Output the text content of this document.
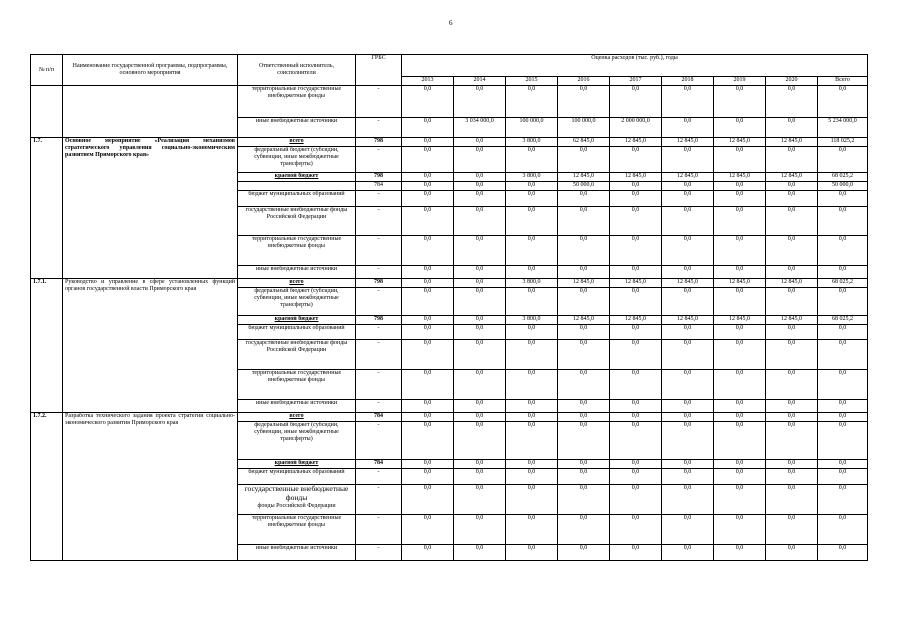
6
№ п/п	Наименование государственной программы, подпрограммы, основного мероприятия	Ответственный исполнитель, соисполнители	ГРБС	Оценка расходов (тыс. руб.), годы								
				2013	2014	2015	2016	2017	2018	2019	2020	Всего
		территориальные государственные внебюджетные фонды	-	0,0	0,0	0,0	0,0	0,0	0,0	0,0	0,0	0,0
		иные внебюджетные источники	-	0,0	3 034 000,0	100 000,0	100 000,0	2 000 000,0	0,0	0,0	0,0	5 234 000,0
1.7.	Основное мероприятие «Реализация механизмов стратегического управления социально-экономическим развитием Приморского края»	всего	798	0,0	0,0	3 800,0	62 845,0	12 845,0	12 845,0	12 845,0	12 845,0	118 025,2
		федеральный бюджет (субсидии, субвенции, иные межбюджетные трансферты)	-	0,0	0,0	0,0	0,0	0,0	0,0	0,0	0,0	0,0
		краевой бюджет	798	0,0	0,0	3 800,0	12 845,0	12 845,0	12 845,0	12 845,0	12 845,0	68 025,2
			784	0,0	0,0	0,0	50 000,0	0,0	0,0	0,0	0,0	50 000,0
		бюджет муниципальных образований	-	0,0	0,0	0,0	0,0	0,0	0,0	0,0	0,0	0,0
		государственные внебюджетные фонды Российской Федерации	-	0,0	0,0	0,0	0,0	0,0	0,0	0,0	0,0	0,0
		территориальные государственные внебюджетные фонды	-	0,0	0,0	0,0	0,0	0,0	0,0	0,0	0,0	0,0
		иные внебюджетные источники	-	0,0	0,0	0,0	0,0	0,0	0,0	0,0	0,0	0,0
1.7.1.	Руководство и управление в сфере установленных функций органов государственной власти Приморского края	всего	798	0,0	0,0	3 800,0	12 845,0	12 845,0	12 845,0	12 845,0	12 845,0	68 025,2
		федеральный бюджет (субсидии, субвенции, иные межбюджетные трансферты)	-	0,0	0,0	0,0	0,0	0,0	0,0	0,0	0,0	0,0
		краевой бюджет	798	0,0	0,0	3 800,0	12 845,0	12 845,0	12 845,0	12 845,0	12 845,0	68 025,2
		бюджет муниципальных образований	-	0,0	0,0	0,0	0,0	0,0	0,0	0,0	0,0	0,0
		государственные внебюджетные фонды Российской Федерации	-	0,0	0,0	0,0	0,0	0,0	0,0	0,0	0,0	0,0
		территориальные государственные внебюджетные фонды	-	0,0	0,0	0,0	0,0	0,0	0,0	0,0	0,0	0,0
		иные внебюджетные источники	-	0,0	0,0	0,0	0,0	0,0	0,0	0,0	0,0	0,0
1.7.2.	Разработка технического задания проекта стратегии социально-экономического развития Приморского края	всего	784	0,0	0,0	0,0	0,0	0,0	0,0	0,0	0,0	0,0
		федеральный бюджет (субсидии, субвенции, иные межбюджетные трансферты)	-	0,0	0,0	0,0	0,0	0,0	0,0	0,0	0,0	0,0
		краевой бюджет	784	0,0	0,0	0,0	0,0	0,0	0,0	0,0	0,0	0,0
		бюджет муниципальных образований	-	0,0	0,0	0,0	0,0	0,0	0,0	0,0	0,0	0,0
		государственные внебюджетные фонды
фонды Российской Федерации	-	0,0	0,0	0,0	0,0	0,0	0,0	0,0	0,0	0,0
		территориальные государственные внебюджетные фонды	-	0,0	0,0	0,0	0,0	0,0	0,0	0,0	0,0	0,0
		иные внебюджетные источники	-	0,0	0,0	0,0	0,0	0,0	0,0	0,0	0,0	0,0
